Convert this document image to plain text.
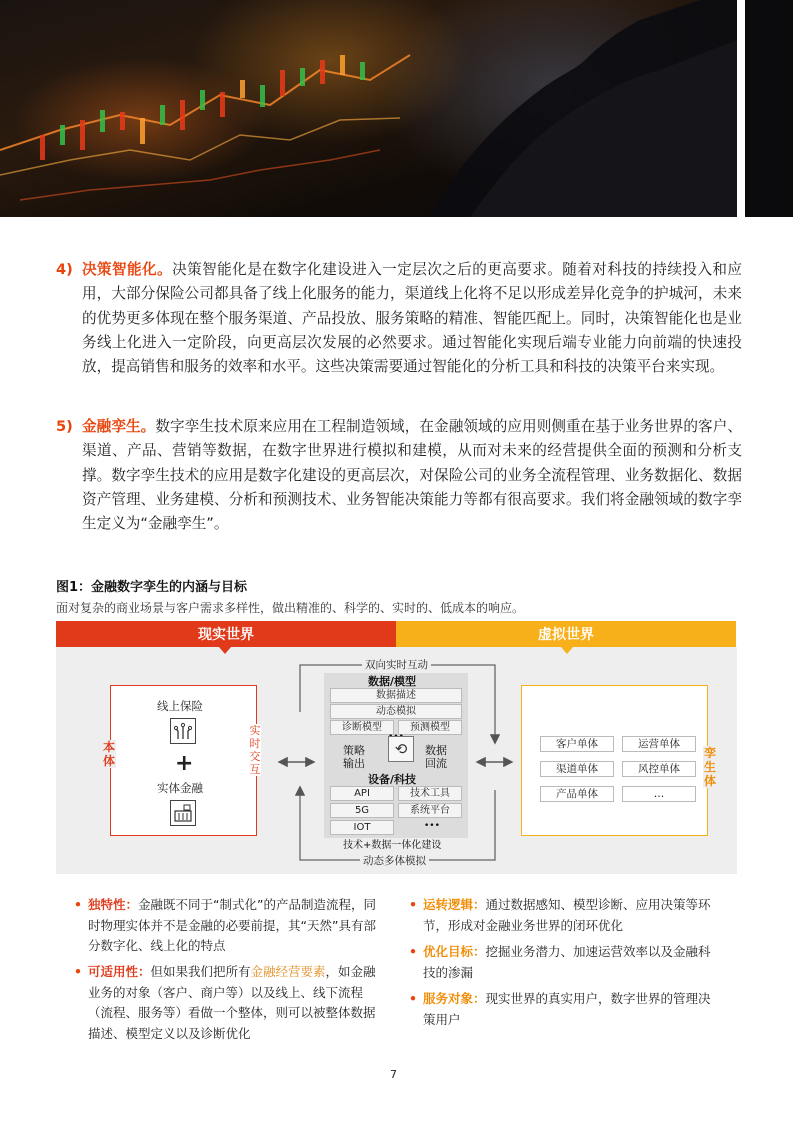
4) 决策智能化。决策智能化是在数字化建设进入一定层次之后的更高要求。随着对科技的持续投入和应用，大部分保险公司都具备了线上化服务的能力，渠道线上化将不足以形成差异化竞争的护城河，未来的优势更多体现在整个服务渠道、产品投放、服务策略的精准、智能匹配上。同时，决策智能化也是业务线上化进入一定阶段，向更高层次发展的必然要求。通过智能化实现后端专业能力向前端的快速投放，提高销售和服务的效率和水平。这些决策需要通过智能化的分析工具和科技的决策平台来实现。
5) 金融孪生。数字孪生技术原来应用在工程制造领域，在金融领域的应用则侧重在基于业务世界的客户、渠道、产品、营销等数据，在数字世界进行模拟和建模，从而对未来的经营提供全面的预测和分析支撑。数字孪生技术的应用是数字化建设的更高层次，对保险公司的业务全流程管理、业务数据化、数据资产管理、业务建模、分析和预测技术、业务智能决策能力等都有很高要求。我们将金融领域的数字孪生定义为“金融孪生”。
图1：金融数字孪生的内涵与目标
面对复杂的商业场景与客户需求多样性，做出精准的、科学的、实时的、低成本的响应。
现实世界	虚拟世界
双向实时互动
动态多体模拟
本体
实时交互
线上保险
+
实体金融
数据/模型
数据描述
动态模拟
诊断模型	预测模型
策略输出
⟲	数据回流
设备/科技
API	技术工具
5G	系统平台
IOT	•••
技术+数据一体化建设
孪生体
客户单体	运营单体
渠道单体	风控单体
产品单体	…
• 独特性：金融既不同于“制式化”的产品制造流程，同时物理实体并不是金融的必要前提，其“天然”具有部分数字化、线上化的特点
• 可适用性：但如果我们把所有金融经营要素，如金融业务的对象（客户、商户等）以及线上、线下流程（流程、服务等）看做一个整体，则可以被整体数据描述、模型定义以及诊断优化
• 运转逻辑：通过数据感知、模型诊断、应用决策等环节，形成对金融业务世界的闭环优化
• 优化目标：挖掘业务潜力、加速运营效率以及金融科技的渗漏
• 服务对象：现实世界的真实用户，数字世界的管理决策用户
7
